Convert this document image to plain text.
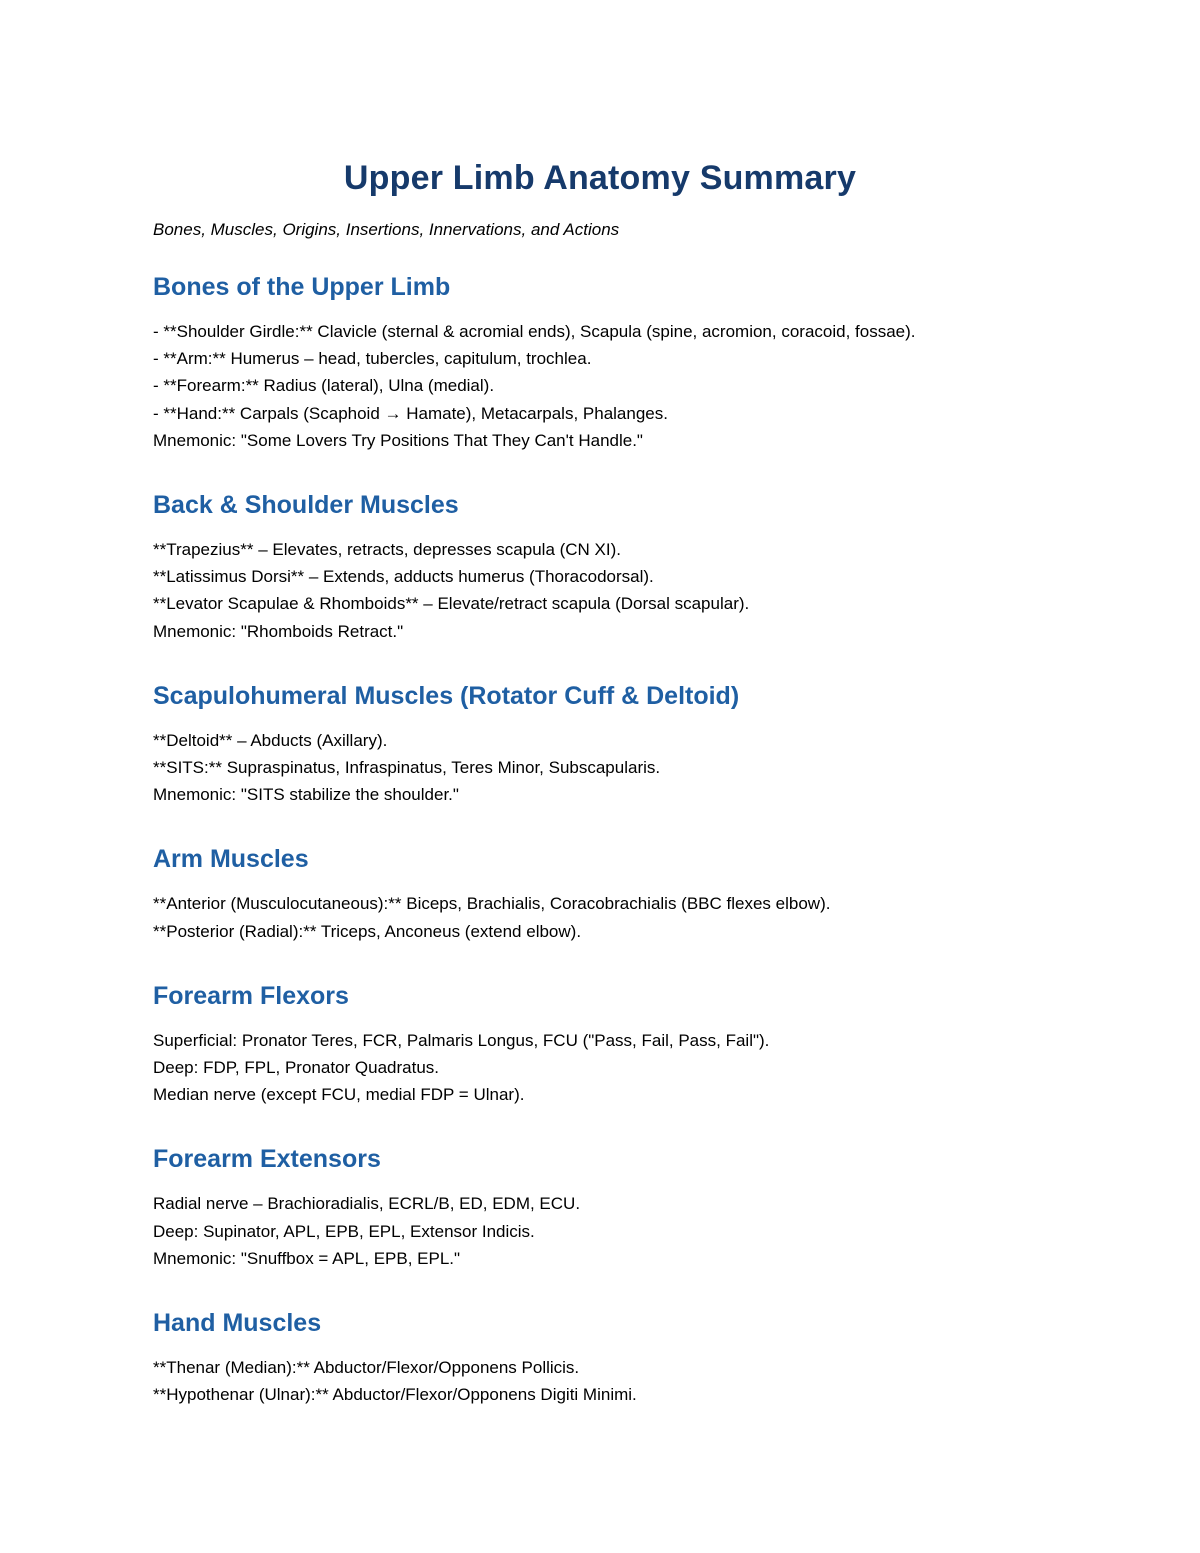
Upper Limb Anatomy Summary
Bones, Muscles, Origins, Insertions, Innervations, and Actions
Bones of the Upper Limb
- **Shoulder Girdle:** Clavicle (sternal & acromial ends), Scapula (spine, acromion, coracoid, fossae).
- **Arm:** Humerus – head, tubercles, capitulum, trochlea.
- **Forearm:** Radius (lateral), Ulna (medial).
- **Hand:** Carpals (Scaphoid → Hamate), Metacarpals, Phalanges.
Mnemonic: "Some Lovers Try Positions That They Can't Handle."
Back & Shoulder Muscles
**Trapezius** – Elevates, retracts, depresses scapula (CN XI).
**Latissimus Dorsi** – Extends, adducts humerus (Thoracodorsal).
**Levator Scapulae & Rhomboids** – Elevate/retract scapula (Dorsal scapular).
Mnemonic: "Rhomboids Retract."
Scapulohumeral Muscles (Rotator Cuff & Deltoid)
**Deltoid** – Abducts (Axillary).
**SITS:** Supraspinatus, Infraspinatus, Teres Minor, Subscapularis.
Mnemonic: "SITS stabilize the shoulder."
Arm Muscles
**Anterior (Musculocutaneous):** Biceps, Brachialis, Coracobrachialis (BBC flexes elbow).
**Posterior (Radial):** Triceps, Anconeus (extend elbow).
Forearm Flexors
Superficial: Pronator Teres, FCR, Palmaris Longus, FCU ("Pass, Fail, Pass, Fail").
Deep: FDP, FPL, Pronator Quadratus.
Median nerve (except FCU, medial FDP = Ulnar).
Forearm Extensors
Radial nerve – Brachioradialis, ECRL/B, ED, EDM, ECU.
Deep: Supinator, APL, EPB, EPL, Extensor Indicis.
Mnemonic: "Snuffbox = APL, EPB, EPL."
Hand Muscles
**Thenar (Median):** Abductor/Flexor/Opponens Pollicis.
**Hypothenar (Ulnar):** Abductor/Flexor/Opponens Digiti Minimi.
